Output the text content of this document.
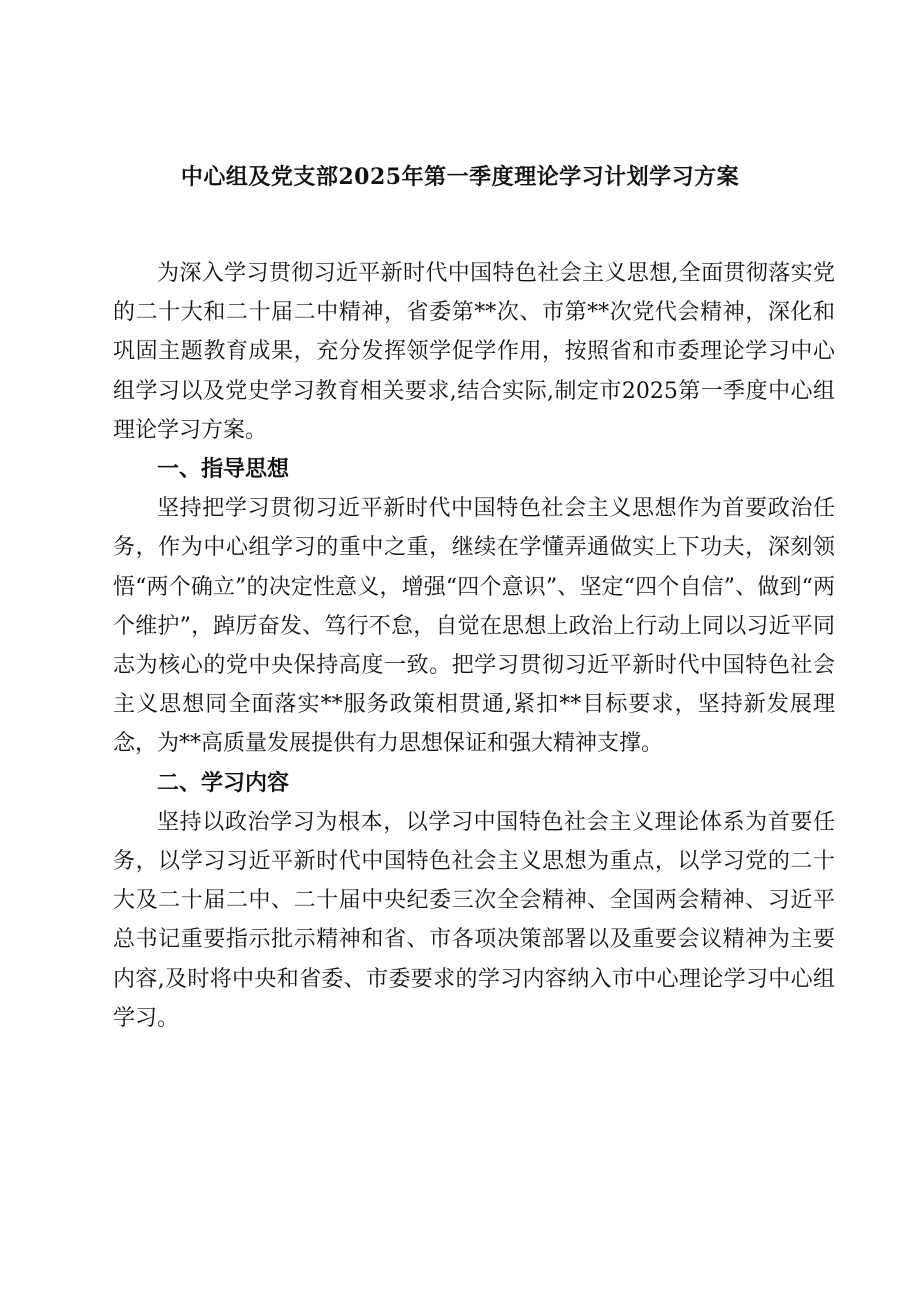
中心组及党支部2025年第一季度理论学习计划学习方案

为深入学习贯彻习近平新时代中国特色社会主义思想,全面贯彻落实党的二十大和二十届二中精神，省委第**次、市第**次党代会精神，深化和巩固主题教育成果，充分发挥领学促学作用，按照省和市委理论学习中心组学习以及党史学习教育相关要求,结合实际,制定市2025第一季度中心组理论学习方案。

一、指导思想

坚持把学习贯彻习近平新时代中国特色社会主义思想作为首要政治任务，作为中心组学习的重中之重，继续在学懂弄通做实上下功夫，深刻领悟“两个确立”的决定性意义，增强“四个意识”、坚定“四个自信”、做到“两个维护”，踔厉奋发、笃行不怠，自觉在思想上政治上行动上同以习近平同志为核心的党中央保持高度一致。把学习贯彻习近平新时代中国特色社会主义思想同全面落实**服务政策相贯通,紧扣**目标要求，坚持新发展理念，为**高质量发展提供有力思想保证和强大精神支撑。

二、学习内容

坚持以政治学习为根本，以学习中国特色社会主义理论体系为首要任务，以学习习近平新时代中国特色社会主义思想为重点，以学习党的二十大及二十届二中、二十届中央纪委三次全会精神、全国两会精神、习近平总书记重要指示批示精神和省、市各项决策部署以及重要会议精神为主要内容,及时将中央和省委、市委要求的学习内容纳入市中心理论学习中心组学习。
